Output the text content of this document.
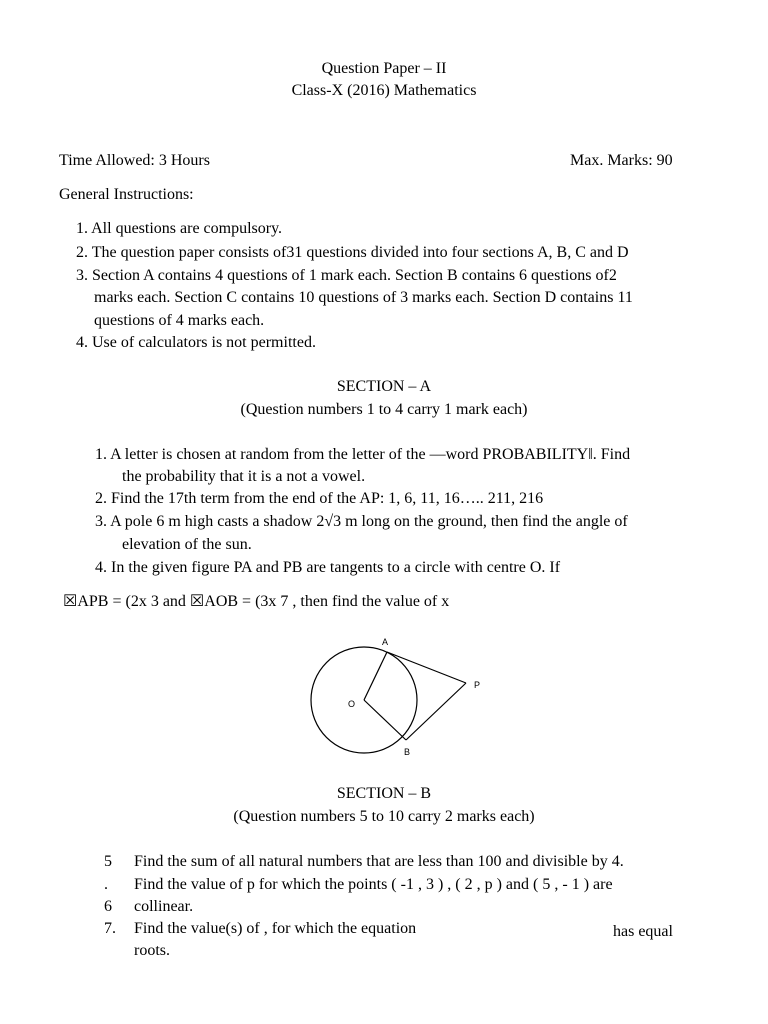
Question Paper – II
Class-X (2016) Mathematics
Time Allowed: 3 Hours	Max. Marks: 90
General Instructions:
1. All questions are compulsory.
2. The question paper consists of31 questions divided into four sections A, B, C and D
3. Section A contains 4 questions of 1 mark each. Section B contains 6 questions of2
marks each. Section C contains 10 questions of 3 marks each. Section D contains 11
questions of 4 marks each.
4. Use of calculators is not permitted.
SECTION – A
(Question numbers 1 to 4 carry 1 mark each)
1. A letter is chosen at random from the letter of the ―word PROBABILITY‖. Find
the probability that it is a not a vowel.
2. Find the 17th term from the end of the AP: 1, 6, 11, 16….. 211, 216
3. A pole 6 m high casts a shadow 2√3 m long on the ground, then find the angle of
elevation of the sun.
4. In the given figure PA and PB are tangents to a circle with centre O. If
☒APB = (2x 3 and ☒AOB = (3x 7 , then find the value of x
A
B
O
P
SECTION – B
(Question numbers 5 to 10 carry 2 marks each)
5
.
6
7.
Find the sum of all natural numbers that are less than 100 and divisible by 4.
Find the value of p for which the points ( -1 , 3 ) , ( 2 , p ) and ( 5 , - 1 ) are
collinear.
Find the value(s) of , for which the equation	has equal
roots.
